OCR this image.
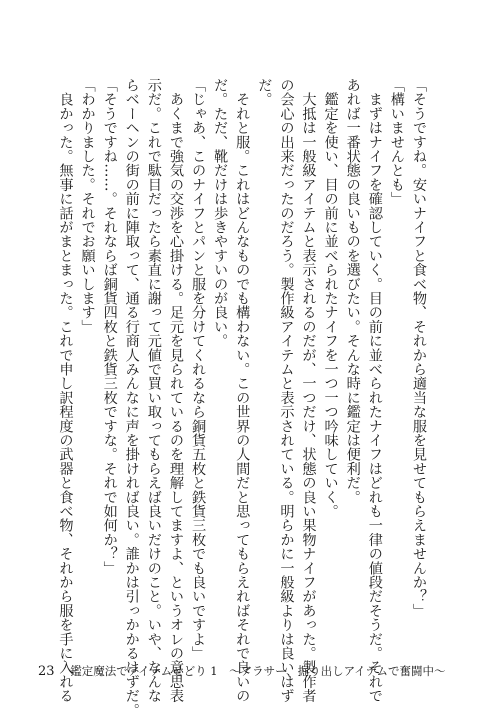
「そうですね。安いナイフと食べ物、それから適当な服を見せてもらえませんか？」

「構いませんとも」

　まずはナイフを確認していく。目の前に並べられたナイフはどれも一律の値段だそうだ。それで

あれば一番状態の良いものを選びたい。そんな時に鑑定は便利だ。

　鑑定を使い、目の前に並べられたナイフを一つ一つ吟味していく。

　大抵は一般級アイテムと表示されるのだが、一つだけ、状態の良い果物ナイフがあった。製作者

の会心の出来だったのだろう。製作級アイテムと表示されている。明らかに一般級よりは良いはず

だ。

　それと服。これはどんなものでも構わない。この世界の人間だと思ってもらえればそれで良いの

だ。ただ、靴だけは歩きやすいのが良い。

「じゃあ、このナイフとパンと服を分けてくれるなら銅貨五枚と鉄貨三枚でも良いですよ」

　あくまで強気の交渉を心掛ける。足元を見られているのを理解してますよ、というオレの意思表

示だ。これで駄目だったら素直に謝って元値で買い取ってもらえば良いだけのこと。いや、なんな

らベーヘンの街の前に陣取って、通る行商人みんなに声を掛ければ良い。誰かは引っかかるはずだ。

「そうですね……。それならば銅貨四枚と鉄貨三枚ですな。それで如何か？」

「わかりました。それでお願いします」

　良かった。無事に話がまとまった。これで申し訳程度の武器と食べ物、それから服を手に入れる

23 鑑定魔法でアイテムせどり 1　〜アラサー、掘り出しアイテムで奮闘中〜
